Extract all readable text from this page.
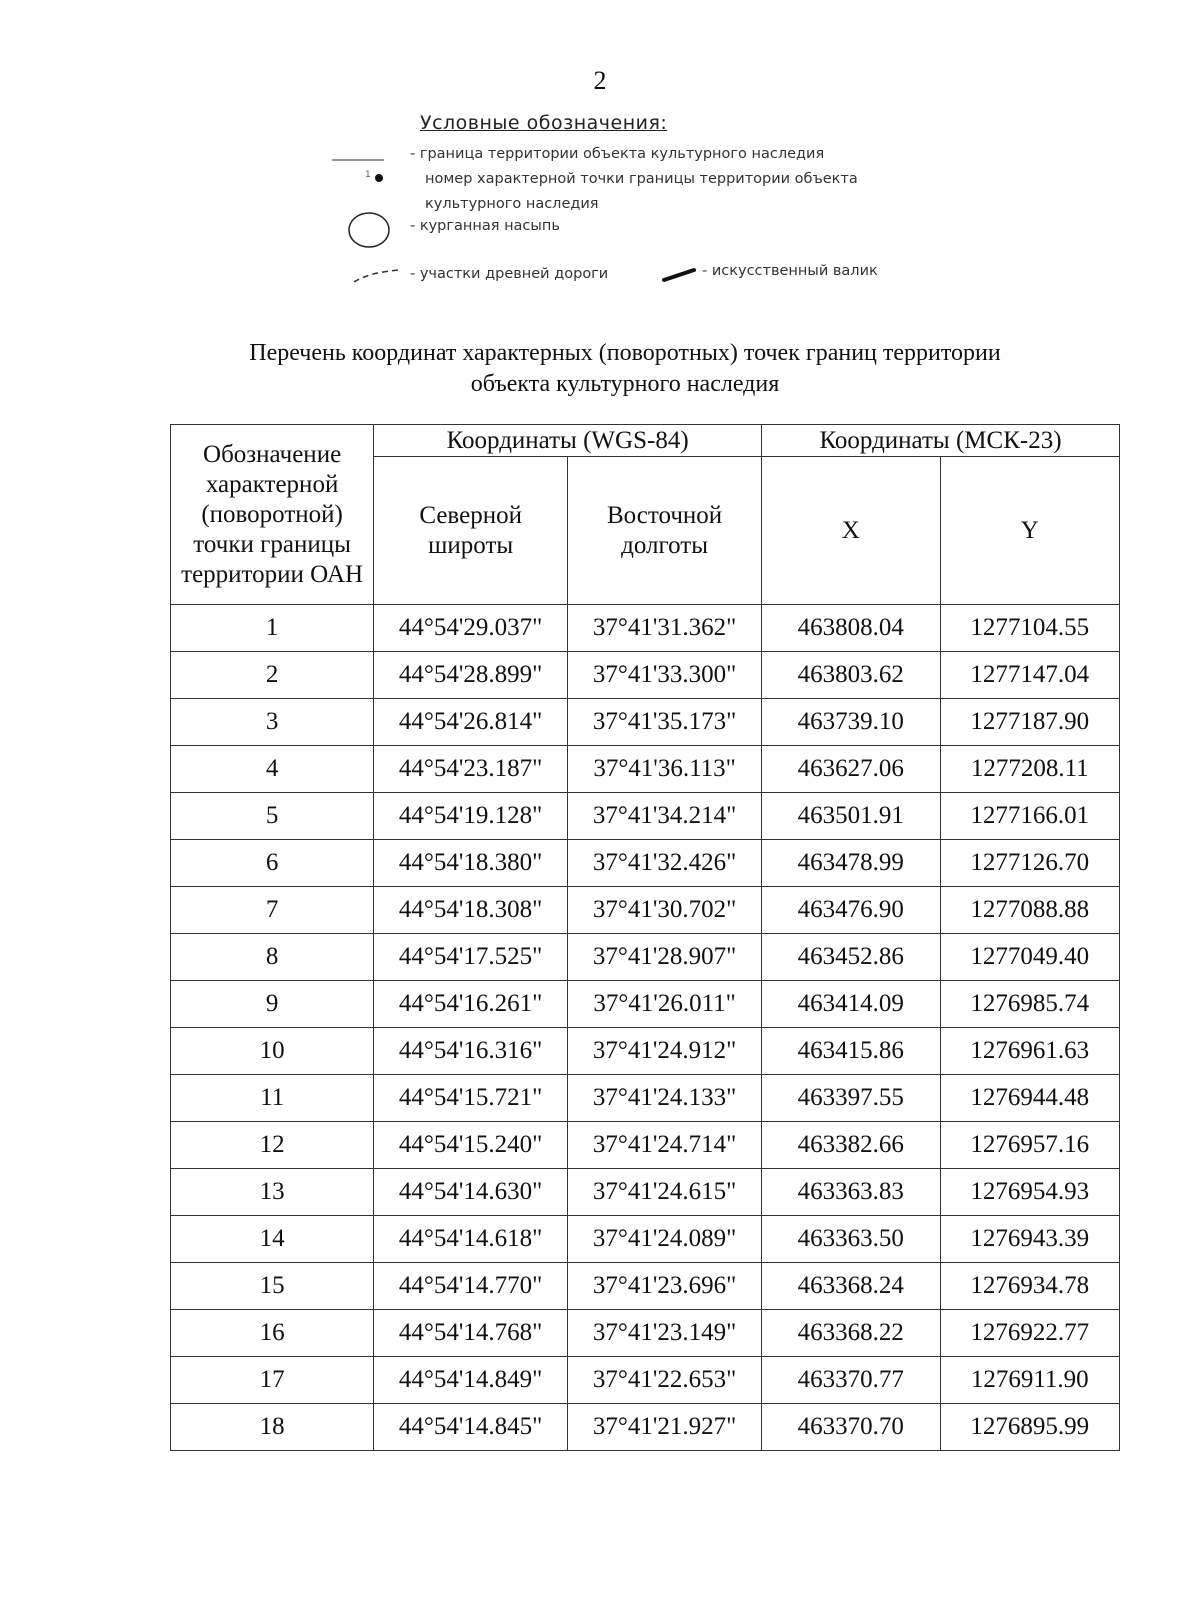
2
Условные обозначения:
- граница территории объекта культурного наследия
1	номер характерной точки границы территории объекта
культурного наследия
- курганная насыпь
- участки древней дороги	- искусственный валик
Перечень координат характерных (поворотных) точек границ территории
объекта культурного наследия
Обозначение характерной (поворотной) точки границы территории ОАН	Координаты (WGS-84)		Координаты (МСК-23)	
	Северной широты	Восточной долготы	X	Y
1	44°54'29.037"	37°41'31.362"	463808.04	1277104.55
2	44°54'28.899"	37°41'33.300"	463803.62	1277147.04
3	44°54'26.814"	37°41'35.173"	463739.10	1277187.90
4	44°54'23.187"	37°41'36.113"	463627.06	1277208.11
5	44°54'19.128"	37°41'34.214"	463501.91	1277166.01
6	44°54'18.380"	37°41'32.426"	463478.99	1277126.70
7	44°54'18.308"	37°41'30.702"	463476.90	1277088.88
8	44°54'17.525"	37°41'28.907"	463452.86	1277049.40
9	44°54'16.261"	37°41'26.011"	463414.09	1276985.74
10	44°54'16.316"	37°41'24.912"	463415.86	1276961.63
11	44°54'15.721"	37°41'24.133"	463397.55	1276944.48
12	44°54'15.240"	37°41'24.714"	463382.66	1276957.16
13	44°54'14.630"	37°41'24.615"	463363.83	1276954.93
14	44°54'14.618"	37°41'24.089"	463363.50	1276943.39
15	44°54'14.770"	37°41'23.696"	463368.24	1276934.78
16	44°54'14.768"	37°41'23.149"	463368.22	1276922.77
17	44°54'14.849"	37°41'22.653"	463370.77	1276911.90
18	44°54'14.845"	37°41'21.927"	463370.70	1276895.99
